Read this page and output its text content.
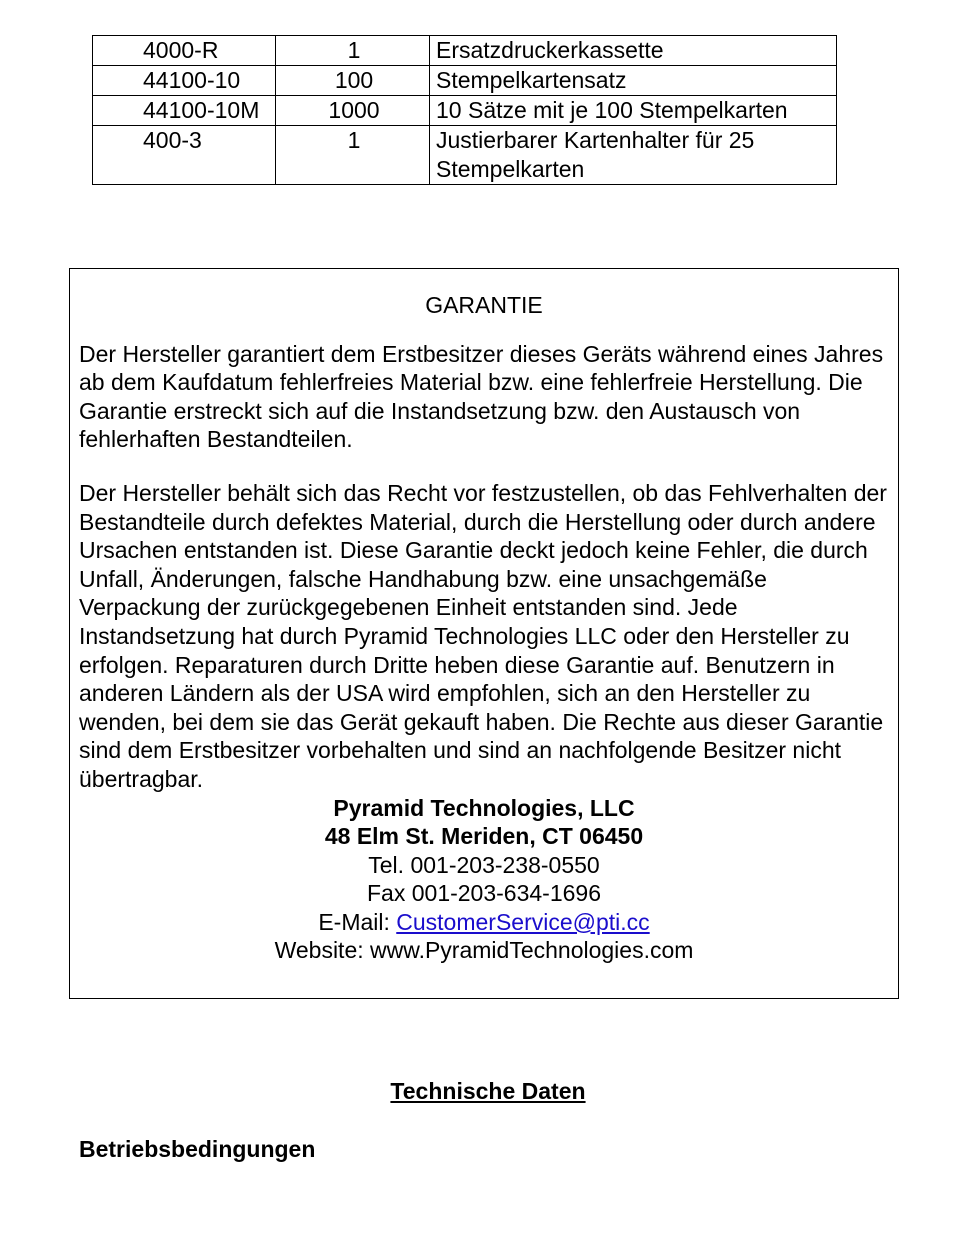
4000-R	1	Ersatzdruckerkassette
44100-10	100	Stempelkartensatz
44100-10M	1000	10 Sätze mit je 100 Stempelkarten
400-3	1	Justierbarer Kartenhalter für 25 Stempelkarten
GARANTIE

Der Hersteller garantiert dem Erstbesitzer dieses Geräts während eines Jahres ab dem Kaufdatum fehlerfreies Material bzw. eine fehlerfreie Herstellung. Die Garantie erstreckt sich auf die Instandsetzung bzw. den Austausch von fehlerhaften Bestandteilen.

Der Hersteller behält sich das Recht vor festzustellen, ob das Fehlverhalten der Bestandteile durch defektes Material, durch die Herstellung oder durch andere Ursachen entstanden ist. Diese Garantie deckt jedoch keine Fehler, die durch Unfall, Änderungen, falsche Handhabung bzw. eine unsachgemäße Verpackung der zurückgegebenen Einheit entstanden sind. Jede Instandsetzung hat durch Pyramid Technologies LLC oder den Hersteller zu erfolgen. Reparaturen durch Dritte heben diese Garantie auf. Benutzern in anderen Ländern als der USA wird empfohlen, sich an den Hersteller zu wenden, bei dem sie das Gerät gekauft haben. Die Rechte aus dieser Garantie sind dem Erstbesitzer vorbehalten und sind an nachfolgende Besitzer nicht übertragbar.

Pyramid Technologies, LLC
48 Elm St. Meriden, CT 06450
Tel. 001-203-238-0550
Fax 001-203-634-1696
E-Mail: CustomerService@pti.cc
Website: www.PyramidTechnologies.com
Technische Daten
Betriebsbedingungen
